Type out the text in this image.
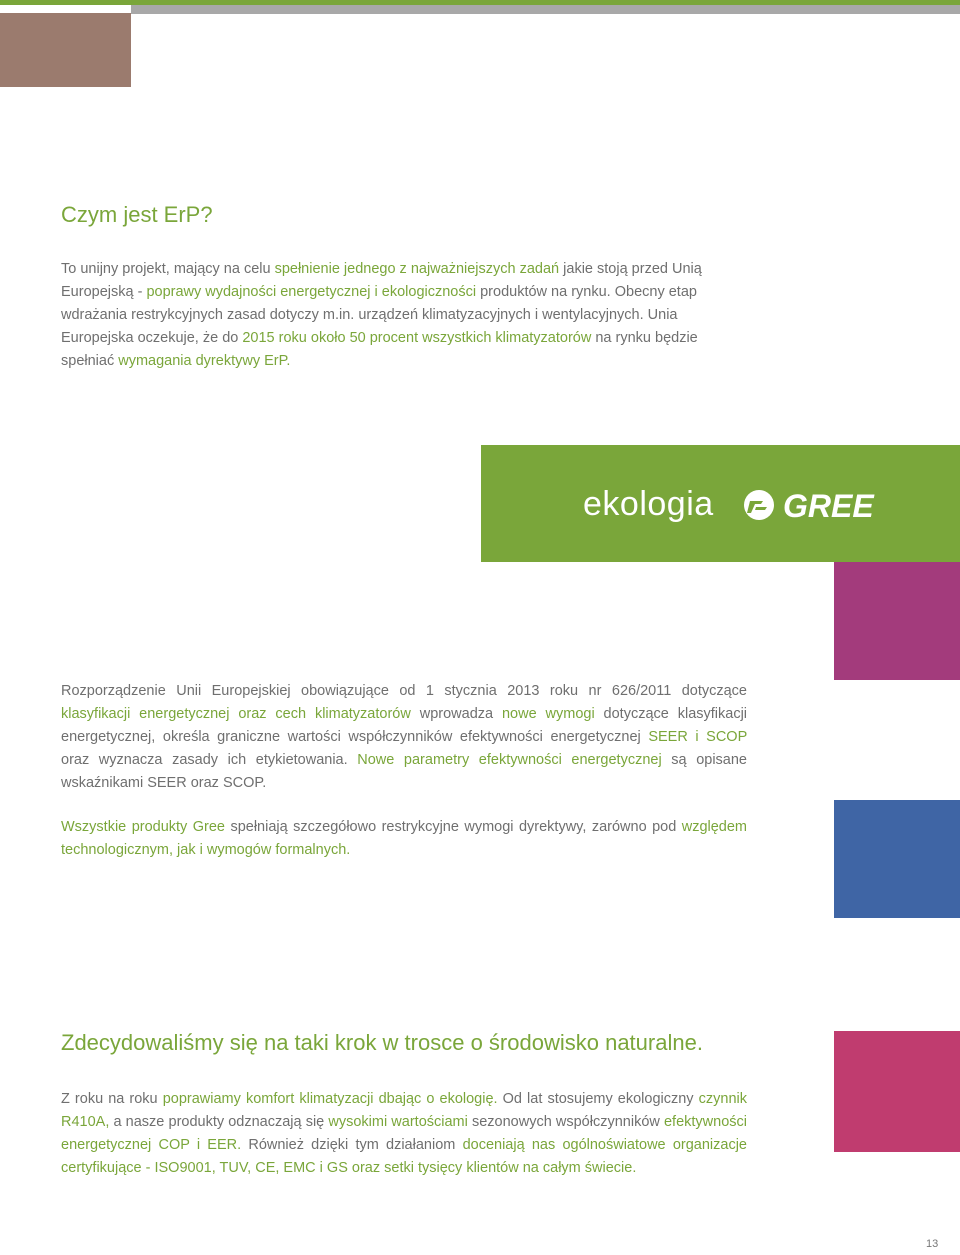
Czym jest ErP?

To unijny projekt, mający na celu spełnienie jednego z najważniejszych zadań jakie stoją przed Unią Europejską - poprawy wydajności energetycznej i ekologiczności produktów na rynku. Obecny etap wdrażania restrykcyjnych zasad dotyczy m.in. urządzeń klimatyzacyjnych i wentylacyjnych. Unia Europejska oczekuje, że do 2015 roku około 50 procent wszystkich klimatyzatorów na rynku będzie spełniać wymagania dyrektywy ErP.

ekologia GREE

Rozporządzenie Unii Europejskiej obowiązujące od 1 stycznia 2013 roku nr 626/2011 dotyczące klasyfikacji energetycznej oraz cech klimatyzatorów wprowadza nowe wymogi dotyczące klasyfikacji energetycznej, określa graniczne wartości współczynników efektywności energetycznej SEER i SCOP oraz wyznacza zasady ich etykietowania. Nowe parametry efektywności energetycznej są opisane wskaźnikami SEER oraz SCOP.

Wszystkie produkty Gree spełniają szczegółowo restrykcyjne wymogi dyrektywy, zarówno pod względem technologicznym, jak i wymogów formalnych.

Zdecydowaliśmy się na taki krok w trosce o środowisko naturalne.

Z roku na roku poprawiamy komfort klimatyzacji dbając o ekologię. Od lat stosujemy ekologiczny czynnik R410A, a nasze produkty odznaczają się wysokimi wartościami sezonowych współczynników efektywności energetycznej COP i EER. Również dzięki tym działaniom doceniają nas ogólnoświatowe organizacje certyfikujące - ISO9001, TUV, CE, EMC i GS oraz setki tysięcy klientów na całym świecie.

13
